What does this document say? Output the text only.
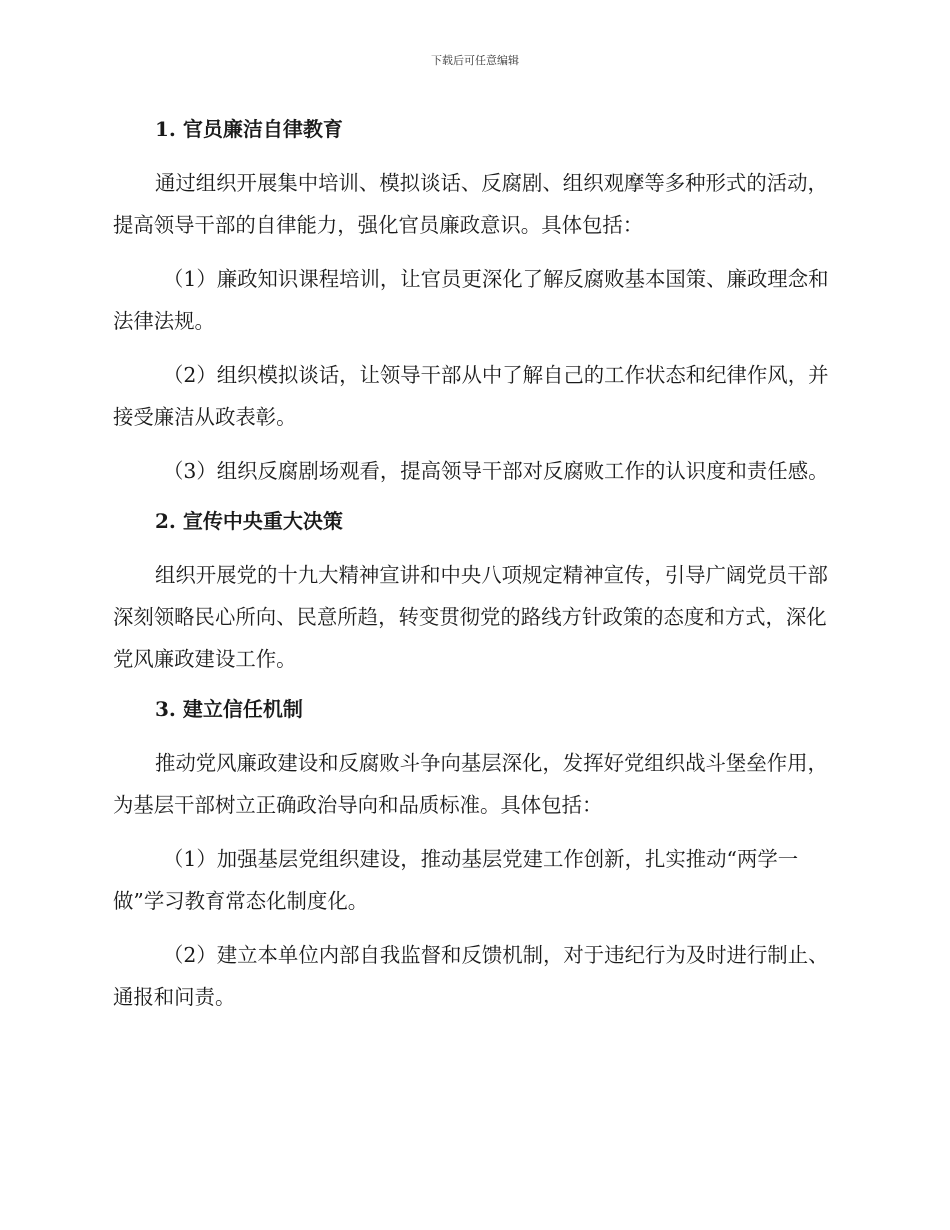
下载后可任意编辑
1. 官员廉洁自律教育

通过组织开展集中培训、模拟谈话、反腐剧、组织观摩等多种形式的活动，提高领导干部的自律能力，强化官员廉政意识。具体包括：

（1）廉政知识课程培训，让官员更深化了解反腐败基本国策、廉政理念和法律法规。

（2）组织模拟谈话，让领导干部从中了解自己的工作状态和纪律作风，并接受廉洁从政表彰。

（3）组织反腐剧场观看，提高领导干部对反腐败工作的认识度和责任感。

2. 宣传中央重大决策

组织开展党的十九大精神宣讲和中央八项规定精神宣传，引导广阔党员干部深刻领略民心所向、民意所趋，转变贯彻党的路线方针政策的态度和方式，深化党风廉政建设工作。

3. 建立信任机制

推动党风廉政建设和反腐败斗争向基层深化，发挥好党组织战斗堡垒作用，为基层干部树立正确政治导向和品质标准。具体包括：

（1）加强基层党组织建设，推动基层党建工作创新，扎实推动“两学一做”学习教育常态化制度化。

（2）建立本单位内部自我监督和反馈机制，对于违纪行为及时进行制止、通报和问责。
